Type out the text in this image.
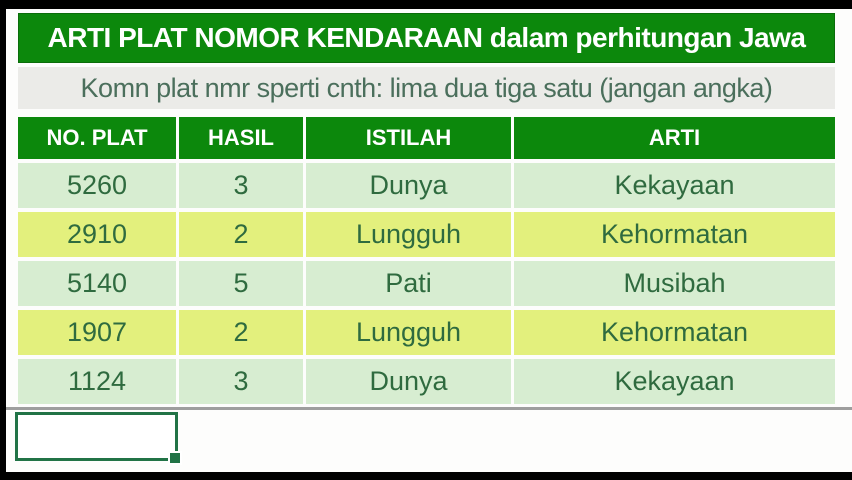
ARTI PLAT NOMOR KENDARAAN dalam perhitungan Jawa
Komn plat nmr sperti cnth: lima dua tiga satu (jangan angka)
NO. PLAT	HASIL	ISTILAH	ARTI
5260	3	Dunya	Kekayaan
2910	2	Lungguh	Kehormatan
5140	5	Pati	Musibah
1907	2	Lungguh	Kehormatan
1124	3	Dunya	Kekayaan
